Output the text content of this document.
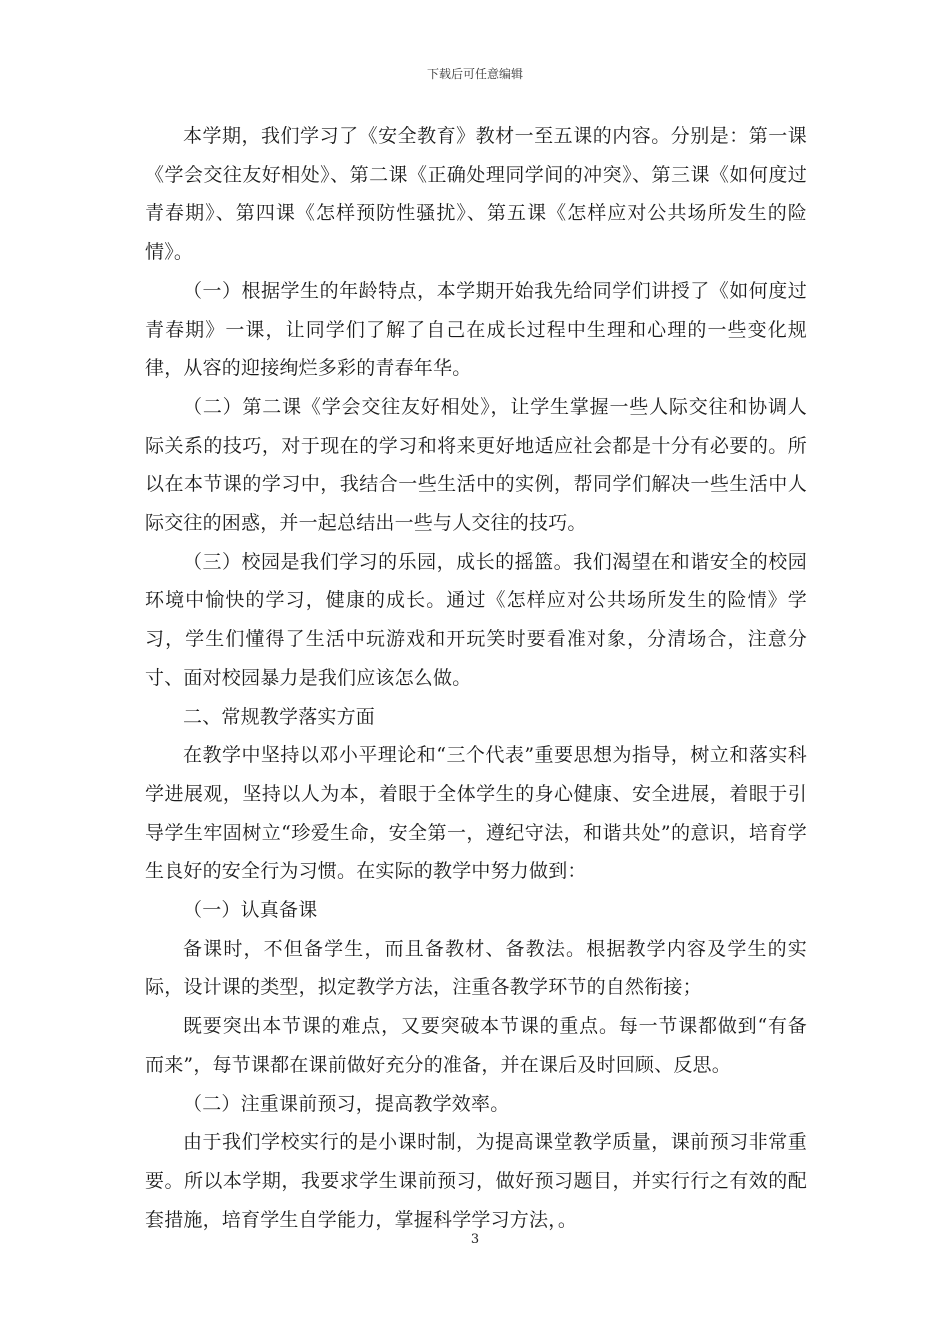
下载后可任意编辑

本学期，我们学习了《安全教育》教材一至五课的内容。分别是：第一课《学会交往友好相处》、第二课《正确处理同学间的冲突》、第三课《如何度过青春期》、第四课《怎样预防性骚扰》、第五课《怎样应对公共场所发生的险情》。

（一）根据学生的年龄特点，本学期开始我先给同学们讲授了《如何度过青春期》一课，让同学们了解了自己在成长过程中生理和心理的一些变化规律，从容的迎接绚烂多彩的青春年华。

（二）第二课《学会交往友好相处》，让学生掌握一些人际交往和协调人际关系的技巧，对于现在的学习和将来更好地适应社会都是十分有必要的。所以在本节课的学习中，我结合一些生活中的实例，帮同学们解决一些生活中人际交往的困惑，并一起总结出一些与人交往的技巧。

（三）校园是我们学习的乐园，成长的摇篮。我们渴望在和谐安全的校园环境中愉快的学习，健康的成长。通过《怎样应对公共场所发生的险情》学习，学生们懂得了生活中玩游戏和开玩笑时要看准对象，分清场合，注意分寸、面对校园暴力是我们应该怎么做。

二、常规教学落实方面

在教学中坚持以邓小平理论和“三个代表”重要思想为指导，树立和落实科学进展观，坚持以人为本，着眼于全体学生的身心健康、安全进展，着眼于引导学生牢固树立“珍爱生命，安全第一，遵纪守法，和谐共处”的意识，培育学生良好的安全行为习惯。在实际的教学中努力做到：

（一）认真备课

备课时，不但备学生，而且备教材、备教法。根据教学内容及学生的实际，设计课的类型，拟定教学方法，注重各教学环节的自然衔接；

既要突出本节课的难点，又要突破本节课的重点。每一节课都做到“有备而来”，每节课都在课前做好充分的准备，并在课后及时回顾、反思。

（二）注重课前预习，提高教学效率。

由于我们学校实行的是小课时制，为提高课堂教学质量，课前预习非常重要。所以本学期，我要求学生课前预习，做好预习题目，并实行行之有效的配套措施，培育学生自学能力，掌握科学学习方法，。

3
